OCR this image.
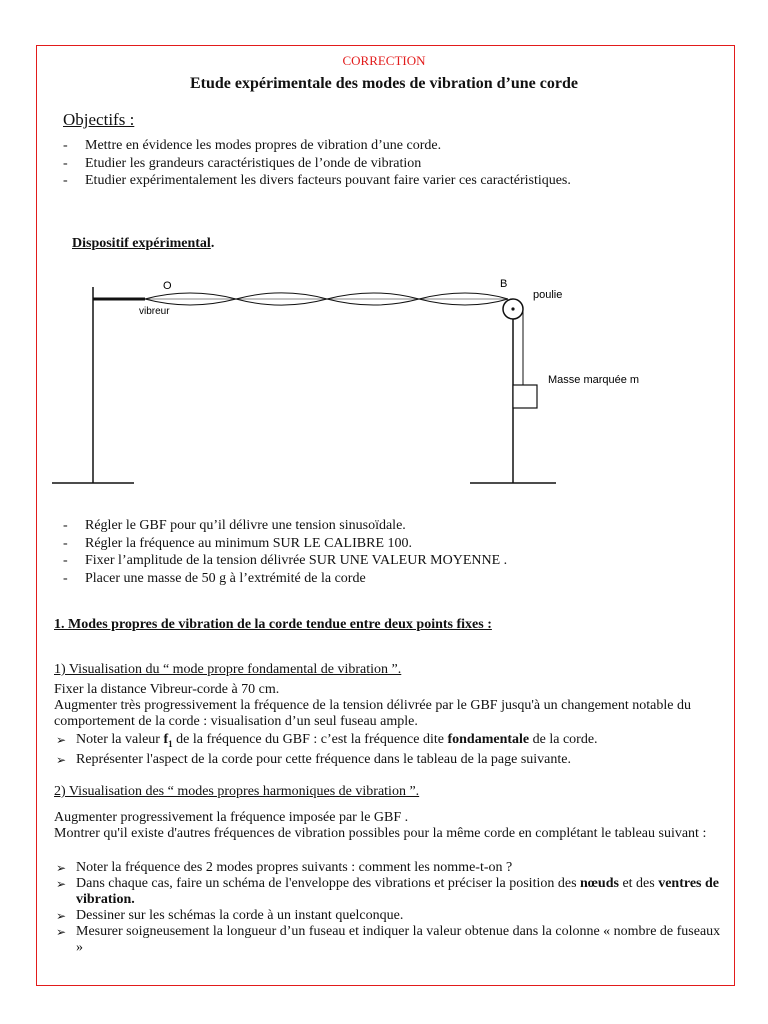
CORRECTION
Etude expérimentale des modes de vibration d’une corde
Objectifs :
- Mettre en évidence les modes propres de vibration d’une corde.
- Etudier les grandeurs caractéristiques de l’onde de vibration
- Etudier expérimentalement les divers facteurs pouvant faire varier ces caractéristiques.
Dispositif expérimental.
O	B
poulie
vibreur
Masse marquée m
- Régler le GBF pour qu’il délivre une tension sinusoïdale.
- Régler la fréquence au minimum SUR LE CALIBRE 100.
- Fixer l’amplitude de la tension délivrée SUR UNE VALEUR MOYENNE .
- Placer une masse de 50 g à l’extrémité de la corde
1. Modes propres de vibration de la corde tendue entre deux points fixes :
1) Visualisation du “ mode propre fondamental de vibration ”.
Fixer la distance Vibreur-corde à 70 cm.
Augmenter très progressivement la fréquence de la tension délivrée par le GBF jusqu'à un changement notable du comportement de la corde : visualisation d’un seul fuseau ample.
➢ Noter la valeur $f_1$ de la fréquence du GBF : c’est la fréquence dite fondamentale de la corde.
➢ Représenter l'aspect de la corde pour cette fréquence dans le tableau de la page suivante.
2) Visualisation des “ modes propres harmoniques de vibration ”.
Augmenter progressivement la fréquence imposée par le GBF .
Montrer qu'il existe d'autres fréquences de vibration possibles pour la même corde en complétant le tableau suivant :
➢ Noter la fréquence des 2 modes propres suivants : comment les nomme-t-on ?
➢ Dans chaque cas, faire un schéma de l'enveloppe des vibrations et préciser la position des nœuds et des ventres de vibration.
➢ Dessiner sur les schémas la corde à un instant quelconque.
➢ Mesurer soigneusement la longueur d’un fuseau et indiquer la valeur obtenue dans la colonne « nombre de fuseaux »
